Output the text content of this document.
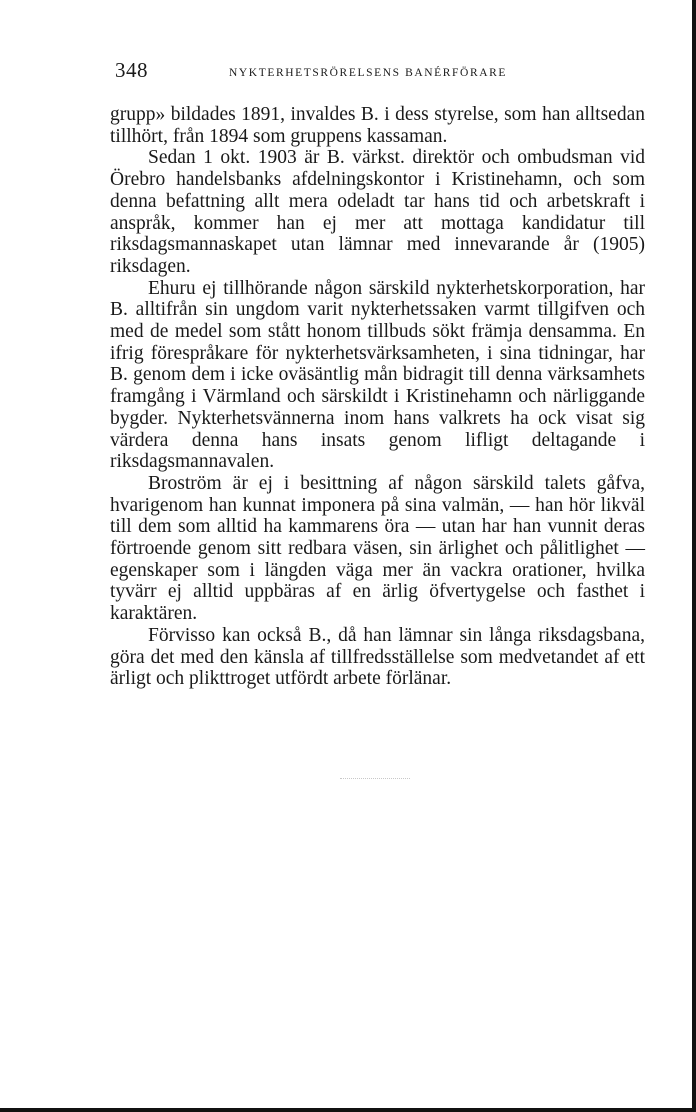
348	NYKTERHETSRÖRELSENS BANÉRFÖRARE

grupp» bildades 1891, invaldes B. i dess styrelse, som han alltsedan tillhört, från 1894 som gruppens kassaman.

Sedan 1 okt. 1903 är B. värkst. direktör och ombudsman vid Örebro handelsbanks afdelningskontor i Kristinehamn, och som denna befattning allt mera odeladt tar hans tid och arbetskraft i anspråk, kommer han ej mer att mottaga kandidatur till riksdagsmannaskapet utan lämnar med innevarande år (1905) riksdagen.

Ehuru ej tillhörande någon särskild nykterhetskorporation, har B. alltifrån sin ungdom varit nykterhetssaken varmt tillgifven och med de medel som stått honom tillbuds sökt främja densamma. En ifrig förespråkare för nykterhetsvärksamheten, i sina tidningar, har B. genom dem i icke oväsäntlig mån bidragit till denna värksamhets framgång i Värmland och särskildt i Kristinehamn och närliggande bygder. Nykterhetsvännerna inom hans valkrets ha ock visat sig värdera denna hans insats genom lifligt deltagande i riksdagsmannavalen.

Broström är ej i besittning af någon särskild talets gåfva, hvarigenom han kunnat imponera på sina valmän, — han hör likväl till dem som alltid ha kammarens öra — utan har han vunnit deras förtroende genom sitt redbara väsen, sin ärlighet och pålitlighet — egenskaper som i längden väga mer än vackra orationer, hvilka tyvärr ej alltid uppbäras af en ärlig öfvertygelse och fasthet i karaktären.

Förvisso kan också B., då han lämnar sin långa riksdagsbana, göra det med den känsla af tillfredsställelse som medvetandet af ett ärligt och plikttroget utfördt arbete förlänar.
